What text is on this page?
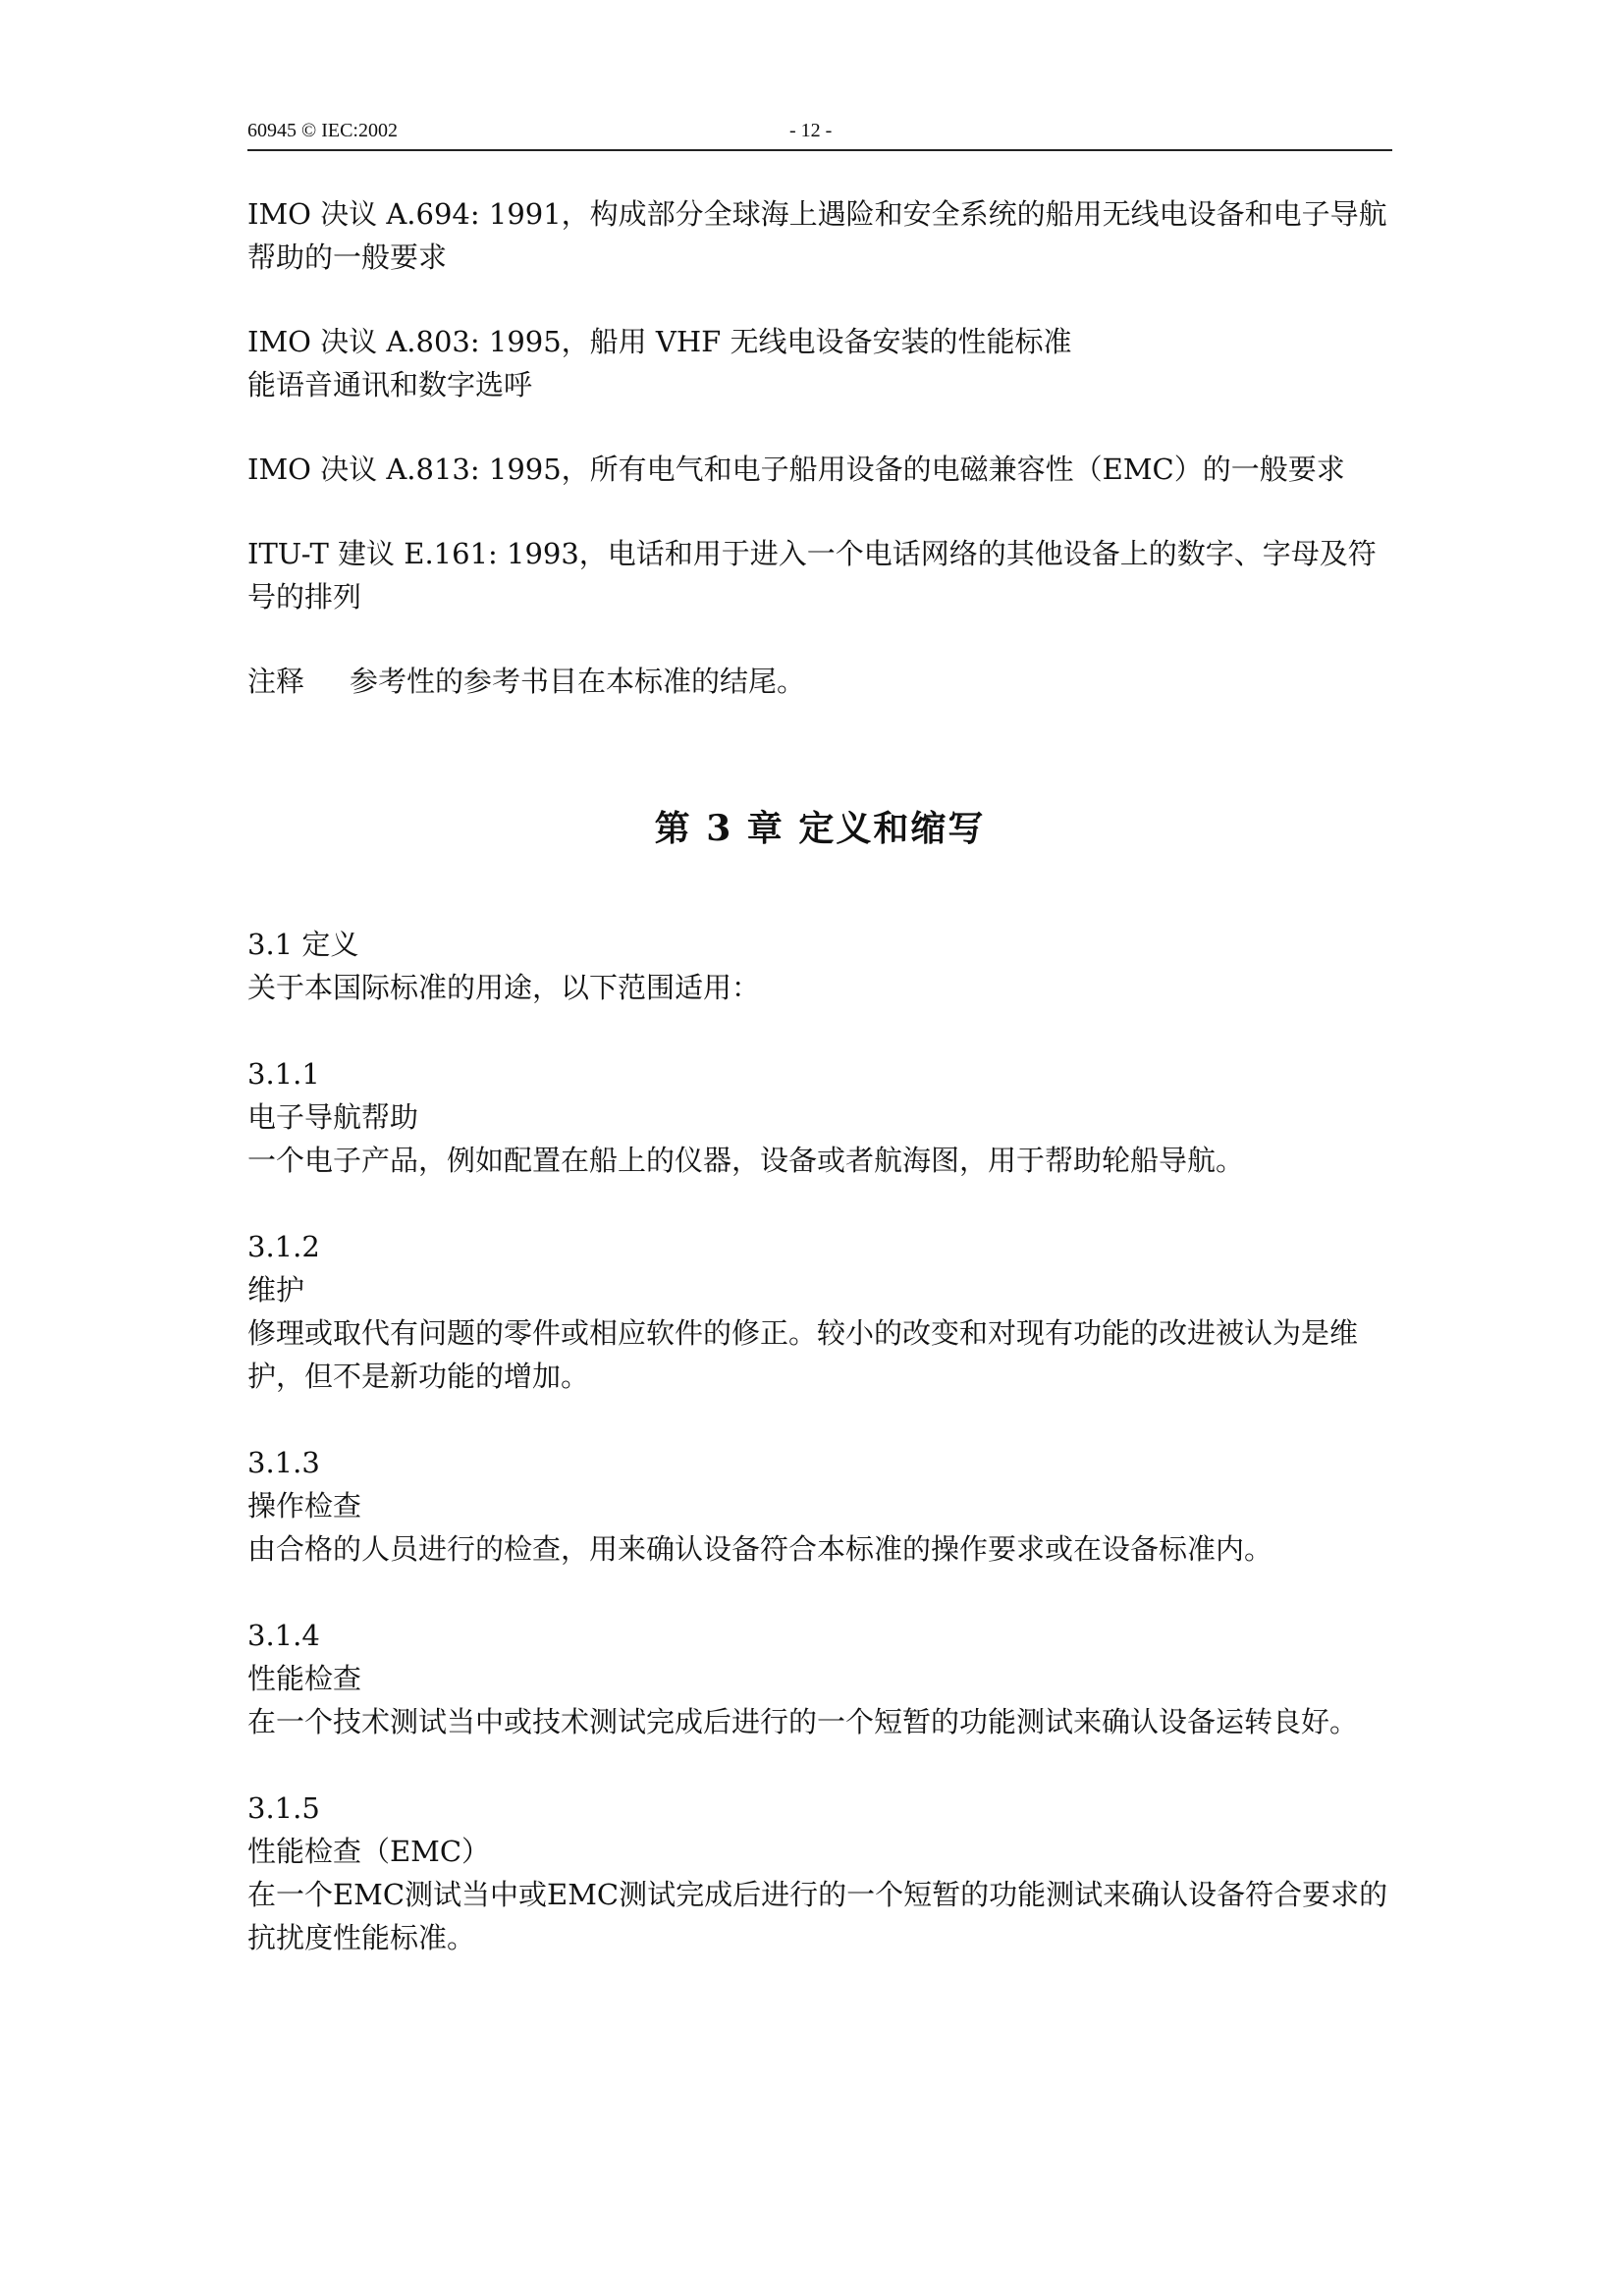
60945 © IEC:2002	- 12 -

IMO 决议 A.694: 1991，构成部分全球海上遇险和安全系统的船用无线电设备和电子导航帮助的一般要求

IMO 决议 A.803: 1995，船用 VHF 无线电设备安装的性能标准
能语音通讯和数字选呼

IMO 决议 A.813: 1995，所有电气和电子船用设备的电磁兼容性（EMC）的一般要求

ITU-T 建议 E.161: 1993，电话和用于进入一个电话网络的其他设备上的数字、字母及符号的排列

注释 参考性的参考书目在本标准的结尾。

第 3 章 定义和缩写
3.1 定义
关于本国际标准的用途，以下范围适用：
3.1.1
电子导航帮助
一个电子产品，例如配置在船上的仪器，设备或者航海图，用于帮助轮船导航。
3.1.2
维护
修理或取代有问题的零件或相应软件的修正。较小的改变和对现有功能的改进被认为是维护，但不是新功能的增加。
3.1.3
操作检查
由合格的人员进行的检查，用来确认设备符合本标准的操作要求或在设备标准内。
3.1.4
性能检查
在一个技术测试当中或技术测试完成后进行的一个短暂的功能测试来确认设备运转良好。
3.1.5
性能检查（EMC）
在一个EMC测试当中或EMC测试完成后进行的一个短暂的功能测试来确认设备符合要求的抗扰度性能标准。
